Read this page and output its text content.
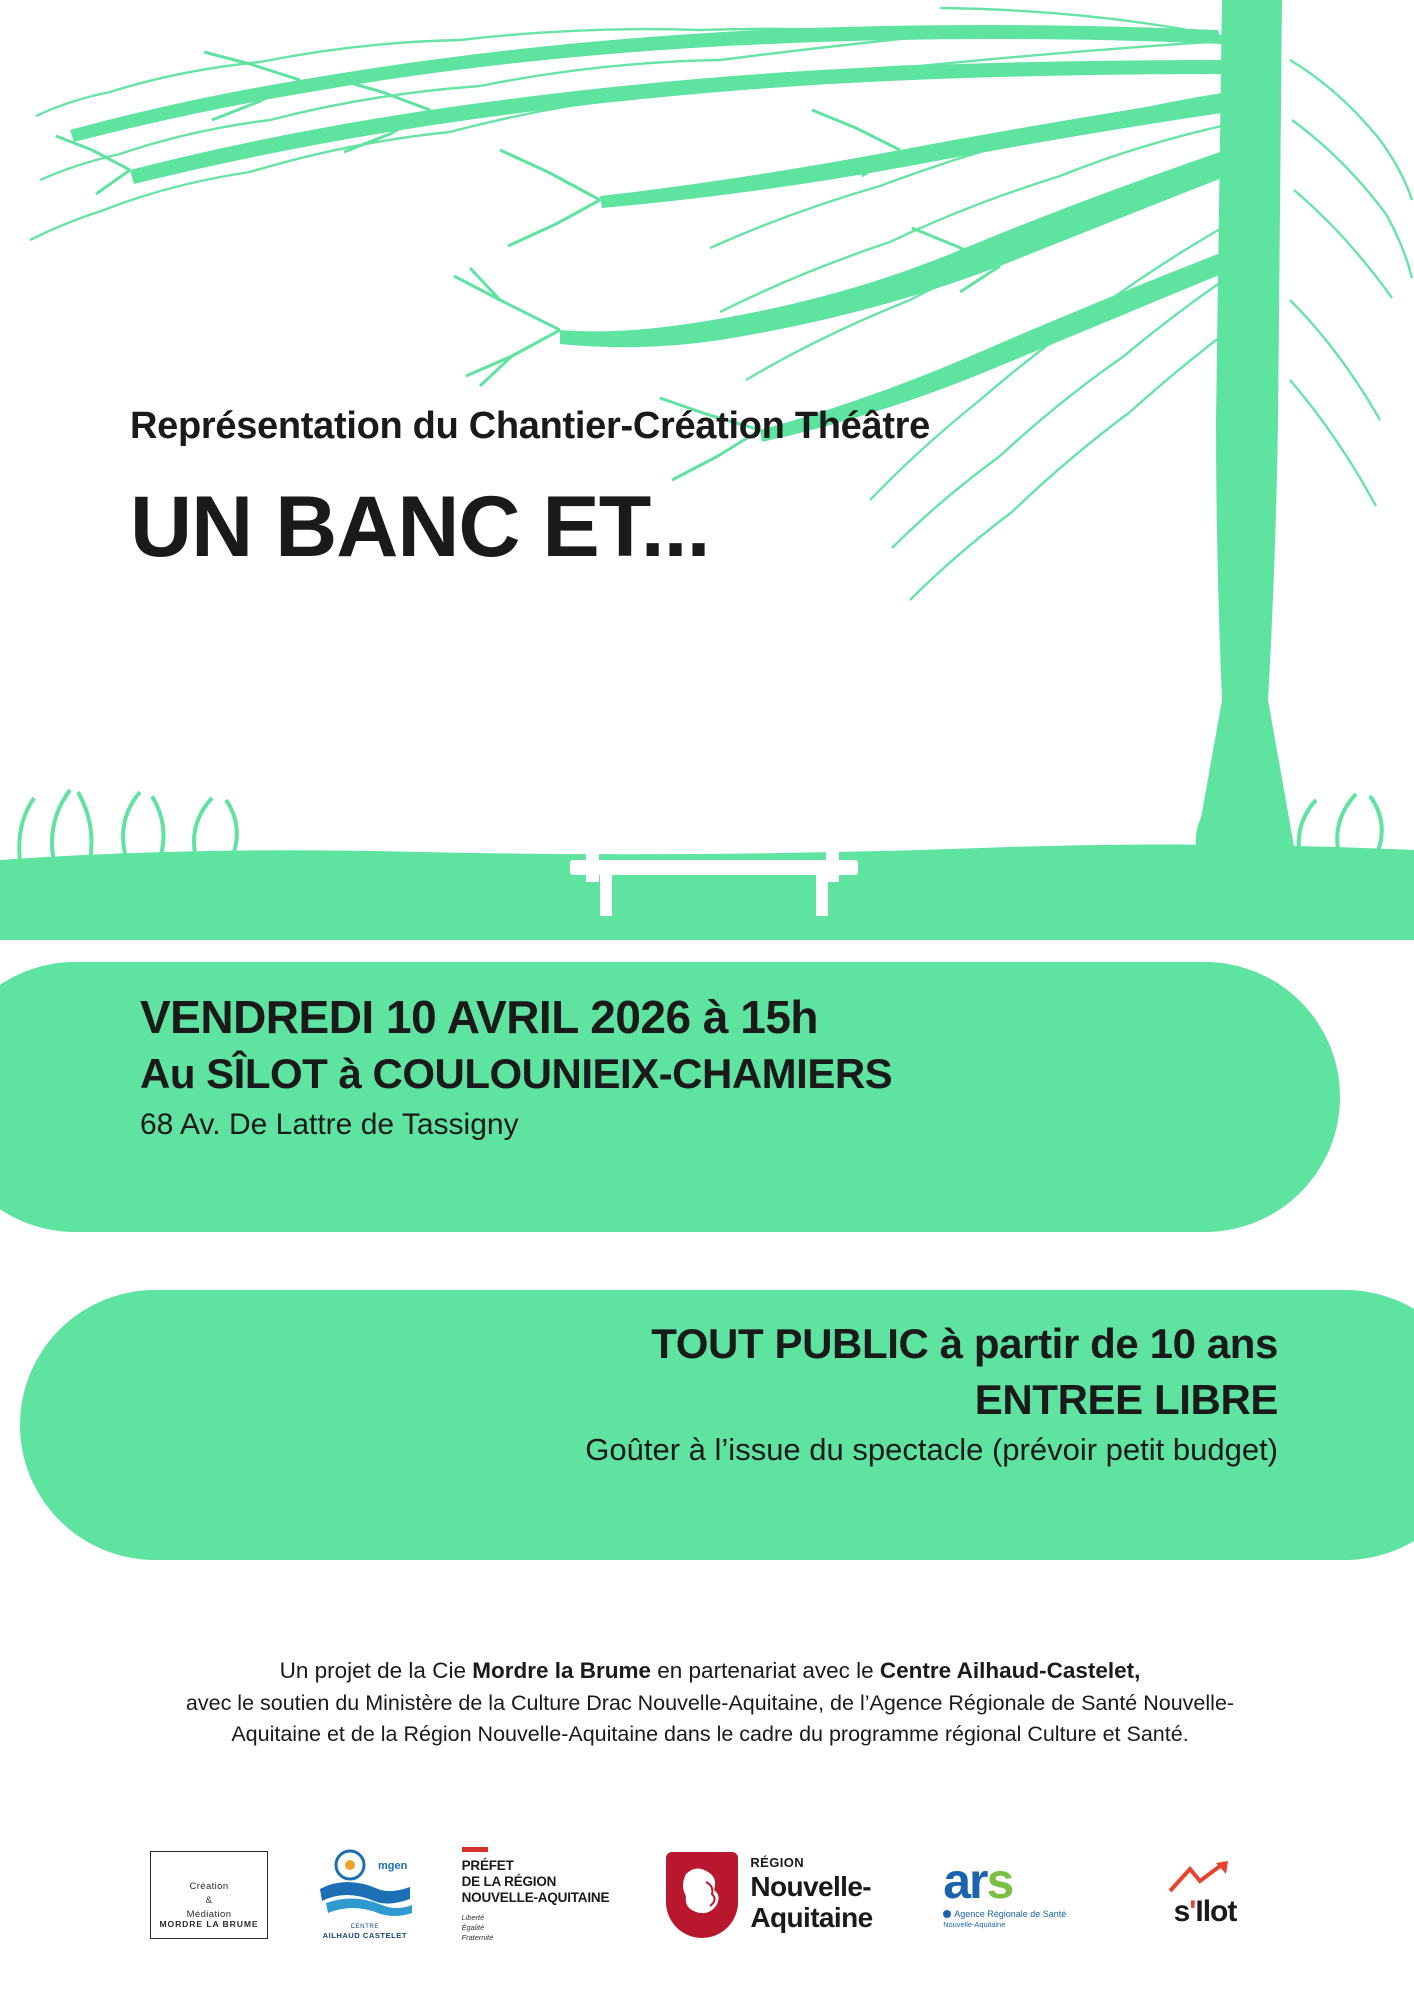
Représentation du Chantier-Création Théâtre

UN BANC ET...

VENDREDI 10 AVRIL 2026 à 15h

Au SÎLOT à COULOUNIEIX-CHAMIERS

68 Av. De Lattre de Tassigny

TOUT PUBLIC à partir de 10 ans

ENTREE LIBRE

Goûter à l’issue du spectacle (prévoir petit budget)

Un projet de la Cie Mordre la Brume en partenariat avec le Centre Ailhaud-Castelet,

avec le soutien du Ministère de la Culture Drac Nouvelle-Aquitaine, de l’Agence Régionale de Santé Nouvelle-

Aquitaine et de la Région Nouvelle-Aquitaine dans le cadre du programme régional Culture et Santé.

Création
&
Médiation
MORDRE LA BRUME
mgen
CENTRE
AILHAUD CASTELET
PRÉFET
DE LA RÉGION
NOUVELLE-AQUITAINE
Liberté
Égalité
Fraternité
RÉGION
Nouvelle-
Aquitaine
ars
Agence Régionale de Santé
Nouvelle-Aquitaine	s'Ilot
